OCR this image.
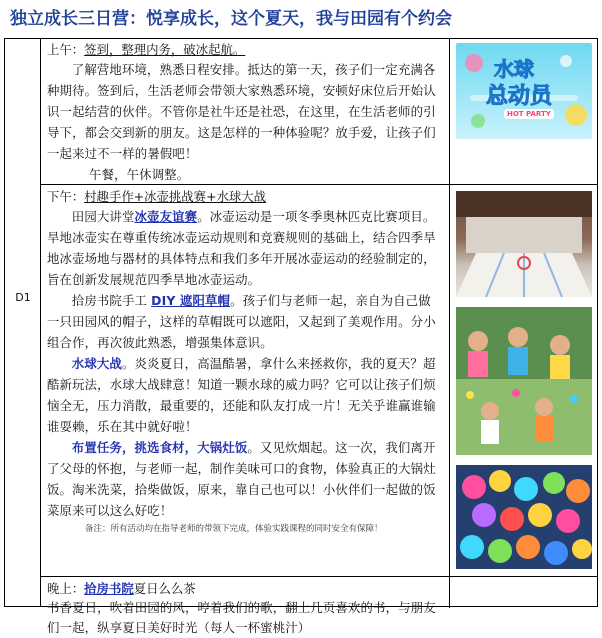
独立成长三日营：悦享成长，这个夏天，我与田园有个约会
D1
上午：签到，整理内务，破冰起航。
了解营地环境，熟悉日程安排。抵达的第一天，孩子们一定充满各种期待。签到后，生活老师会带领大家熟悉环境，安顿好床位后开始认识一起结营的伙伴。不管你是社牛还是社恐，在这里，在生活老师的引导下，都会交到新的朋友。这是怎样的一种体验呢？放手爱，让孩子们一起来过不一样的暑假吧！
午餐，午休调整。
下午：村趣手作+冰壶挑战赛+水球大战
田园大讲堂冰壶友谊赛。冰壶运动是一项冬季奥林匹克比赛项目。旱地冰壶实在尊重传统冰壶运动规则和竞赛规则的基础上，结合四季旱地冰壶场地与器材的具体特点和我们多年开展冰壶运动的经验制定的，旨在创新发展规范四季旱地冰壶运动。
拾房书院手工 DIY 遮阳草帽。孩子们与老师一起，亲自为自己做一只田园风的帽子，这样的草帽既可以遮阳，又起到了美观作用。分小组合作，再次彼此熟悉，增强集体意识。
水球大战。炎炎夏日，高温酷暑，拿什么来拯救你，我的夏天？超酷新玩法，水球大战肆意！知道一颗水球的威力吗？它可以让孩子们烦恼全无，压力消散，最重要的，还能和队友打成一片！无关乎谁赢谁输谁耍赖，乐在其中就好啦！
布置任务，挑选食材，大锅灶饭。又见炊烟起。这一次，我们离开了父母的怀抱，与老师一起，制作美味可口的食物，体验真正的大锅灶饭。淘米洗菜，拾柴做饭，原来，靠自己也可以！小伙伴们一起做的饭菜原来可以这么好吃！
备注：所有活动均在指导老师的带领下完成，体验实践课程的同时安全有保障！
晚上：拾房书院夏日么么茶
书香夏日，吹着田园的风，哼着我们的歌，翻上几页喜欢的书，与朋友们一起，纵享夏日美好时光（每人一杯蜜桃汁）
水球
总动员
HOT PARTY
